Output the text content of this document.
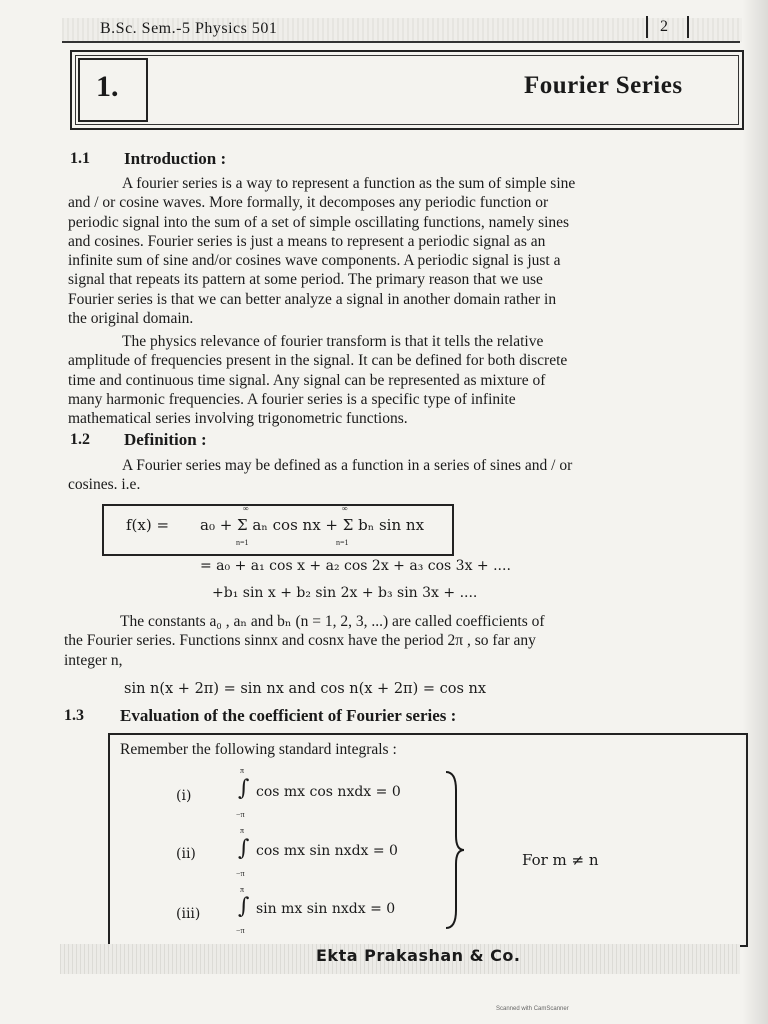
B.Sc. Sem.-5 Physics 501	2
1.	Fourier Series
1.1 Introduction :
A fourier series is a way to represent a function as the sum of simple sine
and / or cosine waves. More formally, it decomposes any periodic function or
periodic signal into the sum of a set of simple oscillating functions, namely sines
and cosines. Fourier series is just a means to represent a periodic signal as an
infinite sum of sine and/or cosines wave components. A periodic signal is just a
signal that repeats its pattern at some period. The primary reason that we use
Fourier series is that we can better analyze a signal in another domain rather in
the original domain.
The physics relevance of fourier transform is that it tells the relative
amplitude of frequencies present in the signal. It can be defined for both discrete
time and continuous time signal. Any signal can be represented as mixture of
many harmonic frequencies. A fourier series is a specific type of infinite
mathematical series involving trigonometric functions.
1.2 Definition :
A Fourier series may be defined as a function in a series of sines and / or
cosines. i.e.
f(x) = a₀ + Σ aₙ cos nx + Σ bₙ sin nx
∞
n=1
∞
n=1
= a₀ + a₁ cos x + a₂ cos 2x + a₃ cos 3x + ....
+b₁ sin x + b₂ sin 2x + b₃ sin 3x + ....
The constants a₀ , aₙ and bₙ (n = 1, 2, 3, ...) are called coefficients of
the Fourier series. Functions sinnx and cosnx have the period 2π , so far any
integer n,
sin n(x + 2π) = sin nx and cos n(x + 2π) = cos nx
1.3 Evaluation of the coefficient of Fourier series :
Remember the following standard integrals :
(i)
π
∫
−π
cos mx cos nxdx = 0
(ii)
π
∫
−π
cos mx sin nxdx = 0
(iii)
π
∫
−π
sin mx sin nxdx = 0
For m ≠ n
Ekta Prakashan & Co.
Scanned with CamScanner
